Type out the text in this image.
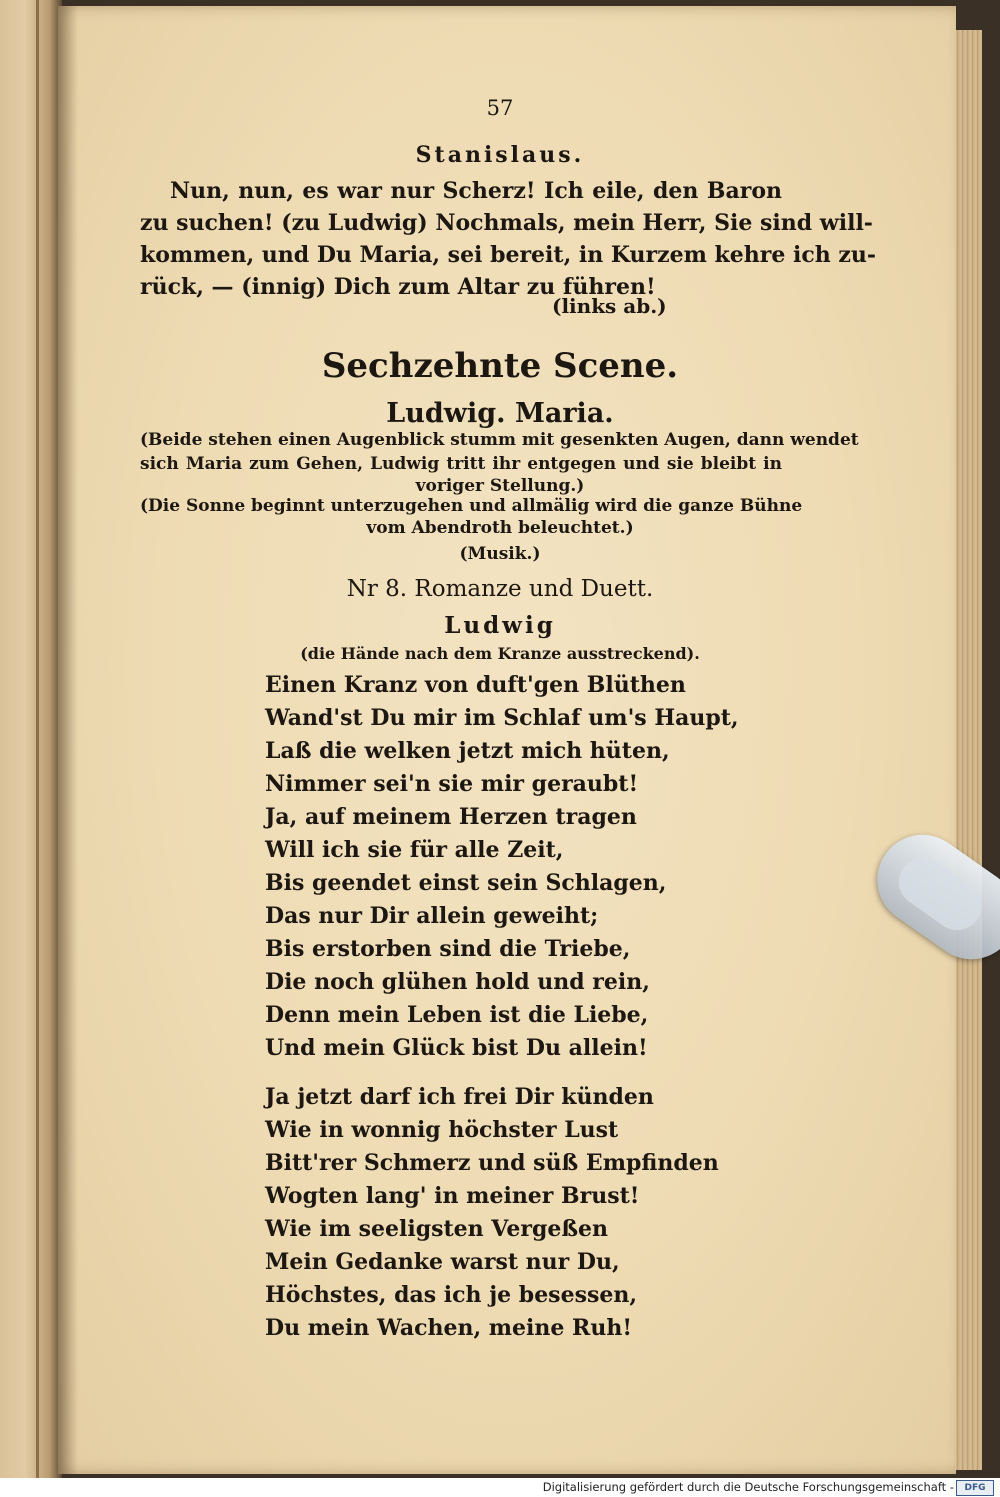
57
Stanislaus.
Nun, nun, es war nur Scherz! Ich eile, den Baron
zu suchen! (zu Ludwig) Nochmals, mein Herr, Sie sind will-
kommen, und Du Maria, sei bereit, in Kurzem kehre ich zu-
rück, — (innig) Dich zum Altar zu führen!
(links ab.)
Sechzehnte Scene.
Ludwig. Maria.
(Beide stehen einen Augenblick stumm mit gesenkten Augen, dann wendet
sich Maria zum Gehen, Ludwig tritt ihr entgegen und sie bleibt in
voriger Stellung.)
(Die Sonne beginnt unterzugehen und allmälig wird die ganze Bühne
vom Abendroth beleuchtet.)
(Musik.)
Nr 8. Romanze und Duett.
Ludwig
(die Hände nach dem Kranze ausstreckend).
Einen Kranz von duft'gen Blüthen
Wand'st Du mir im Schlaf um's Haupt,
Laß die welken jetzt mich hüten,
Nimmer sei'n sie mir geraubt!
Ja, auf meinem Herzen tragen
Will ich sie für alle Zeit,
Bis geendet einst sein Schlagen,
Das nur Dir allein geweiht;
Bis erstorben sind die Triebe,
Die noch glühen hold und rein,
Denn mein Leben ist die Liebe,
Und mein Glück bist Du allein!
Ja jetzt darf ich frei Dir künden
Wie in wonnig höchster Lust
Bitt'rer Schmerz und süß Empfinden
Wogten lang' in meiner Brust!
Wie im seeligsten Vergeßen
Mein Gedanke warst nur Du,
Höchstes, das ich je besessen,
Du mein Wachen, meine Ruh!
Digitalisierung gefördert durch die Deutsche Forschungsgemeinschaft -	DFG
